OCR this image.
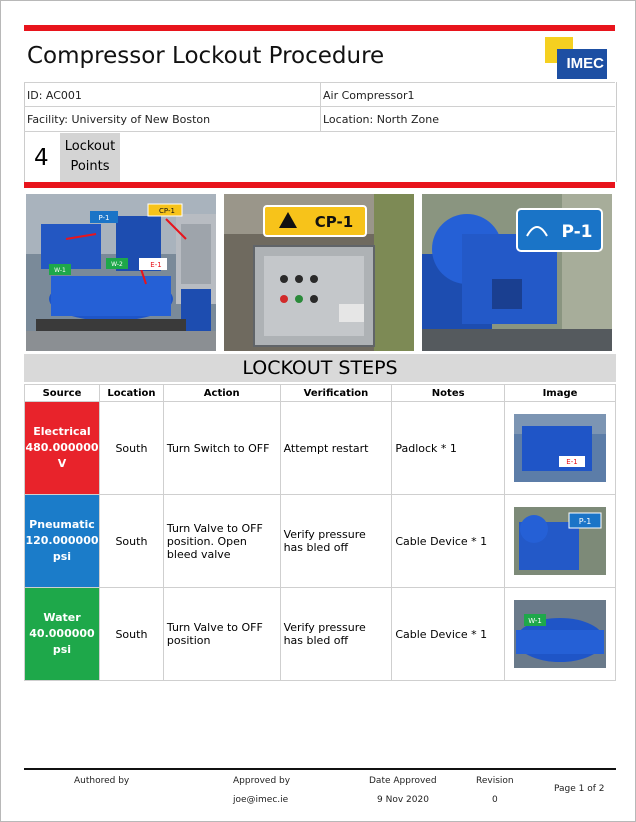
Compressor Lockout Procedure	IMEC
ID: AC001	Air Compressor1
Facility: University of New Boston	Location: North Zone
4	Lockout Points
P-1
CP-1
E-1
W-1
W-2
CP-1	P-1
LOCKOUT STEPS
Source	Location	Action	Verification	Notes	Image

Electrical
480.000000
V	South	Turn Switch to OFF	Attempt restart	Padlock * 1	E-1

Pneumatic
120.000000
psi	South	Turn Valve to OFF position. Open bleed valve	Verify pressure has bled off	Cable Device * 1	P-1

Water
40.000000
psi	South	Turn Valve to OFF position	Verify pressure has bled off	Cable Device * 1	W-1
Authored by	Approved by
joe@imec.ie
Date Approved
9 Nov 2020
Revision
0
Page 1 of 2
